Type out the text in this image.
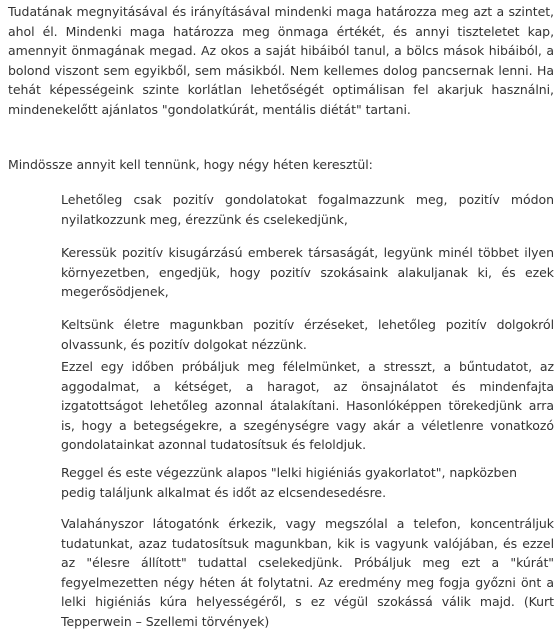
Tudatának megnyitásával és irányításával mindenki maga határozza meg azt a szintet, ahol él. Mindenki maga határozza meg önmaga értékét, és annyi tiszteletet kap, amennyit önmagának megad. Az okos a saját hibáiból tanul, a bölcs mások hibáiból, a bolond viszont sem egyikből, sem másikból. Nem kellemes dolog pancsernak lenni. Ha tehát képességeink szinte korlátlan lehetőségét optimálisan fel akarjuk használni, mindenekelőtt ajánlatos "gondolatkúrát, mentális diétát" tartani.

Mindössze annyit kell tennünk, hogy négy héten keresztül:

Lehetőleg csak pozitív gondolatokat fogalmazzunk meg, pozitív módon nyilatkozzunk meg, érezzünk és cselekedjünk,

Keressük pozitív kisugárzású emberek társaságát, legyünk minél többet ilyen környezetben, engedjük, hogy pozitív szokásaink alakuljanak ki, és ezek megerősödjenek,

Keltsünk életre magunkban pozitív érzéseket, lehetőleg pozitív dolgokról olvassunk, és pozitív dolgokat nézzünk.

Ezzel egy időben próbáljuk meg félelmünket, a stresszt, a bűntudatot, az aggodalmat, a kétséget, a haragot, az önsajnálatot és mindenfajta izgatottságot lehetőleg azonnal átalakítani. Hasonlóképpen törekedjünk arra is, hogy a betegségekre, a szegénységre vagy akár a véletlenre vonatkozó gondolatainkat azonnal tudatosítsuk és feloldjuk.

Reggel és este végezzünk alapos "lelki higiéniás gyakorlatot", napközben pedig találjunk alkalmat és időt az elcsendesedésre.

Valahányszor látogatónk érkezik, vagy megszólal a telefon, koncentráljuk tudatunkat, azaz tudatosítsuk magunkban, kik is vagyunk valójában, és ezzel az "élesre állított" tudattal cselekedjünk. Próbáljuk meg ezt a "kúrát" fegyelmezetten négy héten át folytatni. Az eredmény meg fogja győzni önt a lelki higiéniás kúra helyességéről, s ez végül szokássá válik majd. (Kurt Tepperwein – Szellemi törvények)
